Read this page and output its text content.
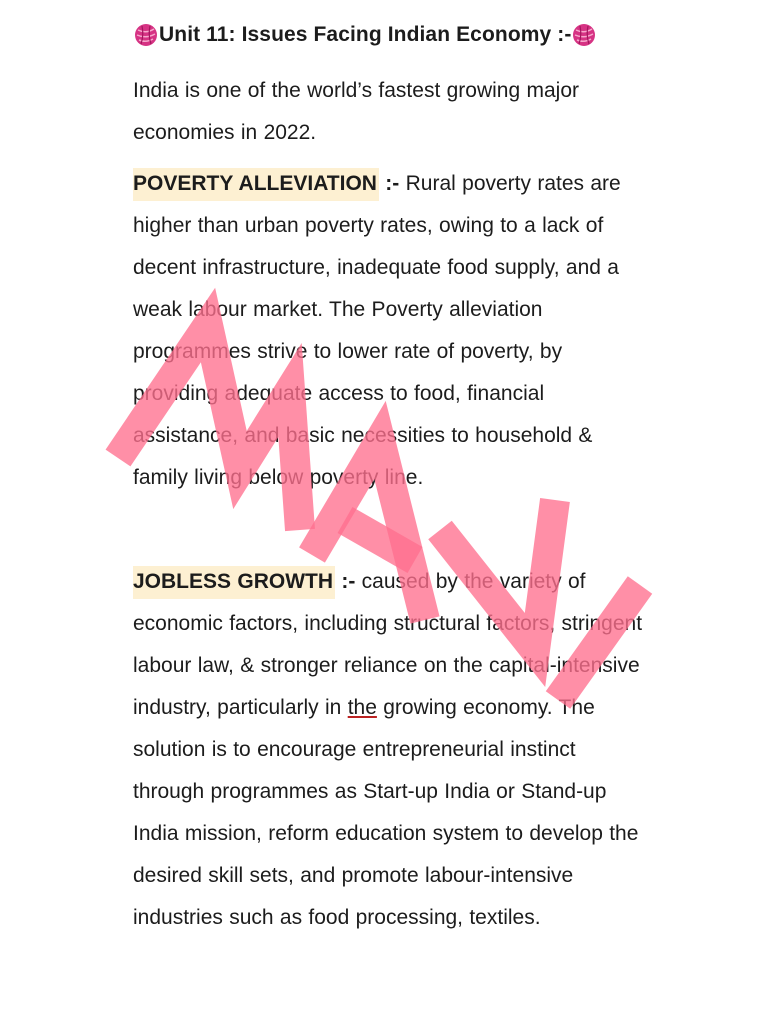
Unit 11: Issues Facing Indian Economy :-

India is one of the world’s fastest growing major economies in 2022.

POVERTY ALLEVIATION :- Rural poverty rates are higher than urban poverty rates, owing to a lack of decent infrastructure, inadequate food supply, and a weak labour market. The Poverty alleviation programmes strive to lower rate of poverty, by providing adequate access to food, financial assistance, and basic necessities to household & family living below poverty line.

JOBLESS GROWTH :- caused by the variety of economic factors, including structural factors, stringent labour law, & stronger reliance on the capital-intensive industry, particularly in the growing economy. The solution is to encourage entrepreneurial instinct through programmes as Start-up India or Stand-up India mission, reform education system to develop the desired skill sets, and promote labour-intensive industries such as food processing, textiles.
